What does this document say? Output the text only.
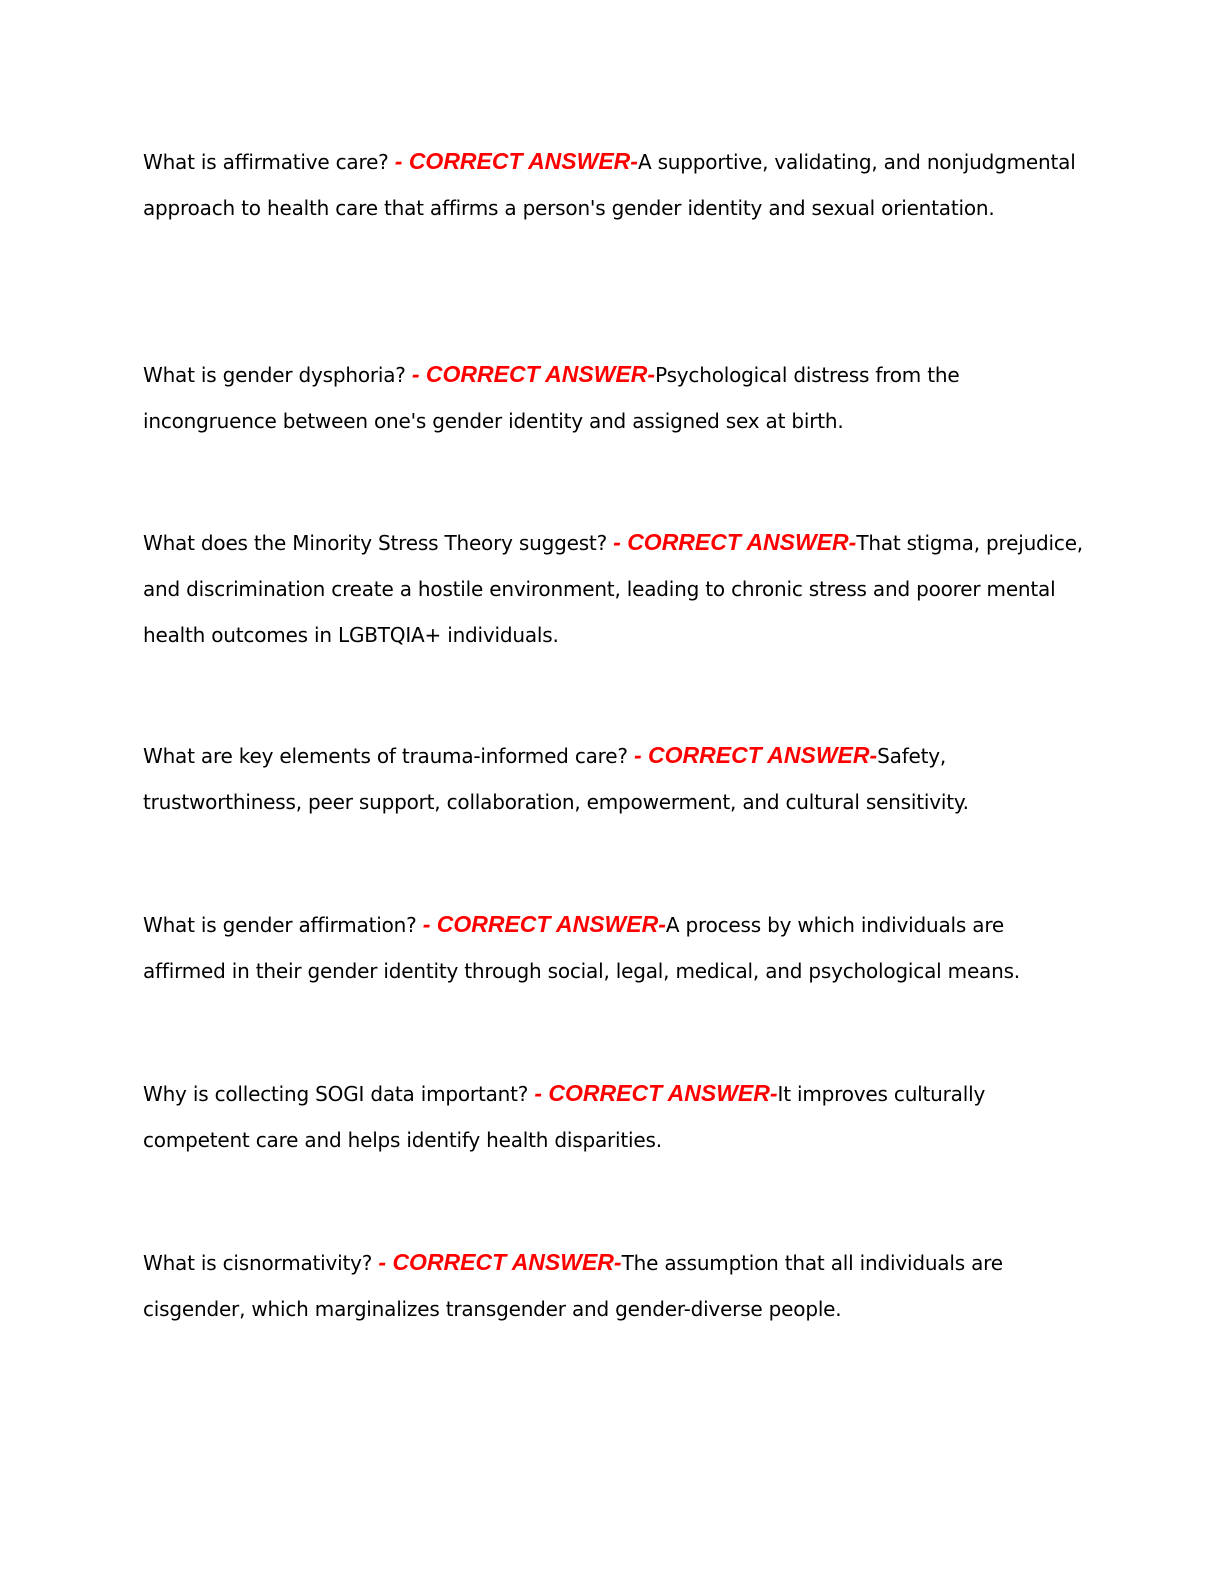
What is affirmative care? - CORRECT ANSWER-A supportive, validating, and nonjudgmental approach to health care that affirms a person's gender identity and sexual orientation.

What is gender dysphoria? - CORRECT ANSWER-Psychological distress from the incongruence between one's gender identity and assigned sex at birth.

What does the Minority Stress Theory suggest? - CORRECT ANSWER-That stigma, prejudice, and discrimination create a hostile environment, leading to chronic stress and poorer mental health outcomes in LGBTQIA+ individuals.

What are key elements of trauma-informed care? - CORRECT ANSWER-Safety, trustworthiness, peer support, collaboration, empowerment, and cultural sensitivity.

What is gender affirmation? - CORRECT ANSWER-A process by which individuals are affirmed in their gender identity through social, legal, medical, and psychological means.

Why is collecting SOGI data important? - CORRECT ANSWER-It improves culturally competent care and helps identify health disparities.

What is cisnormativity? - CORRECT ANSWER-The assumption that all individuals are cisgender, which marginalizes transgender and gender-diverse people.
